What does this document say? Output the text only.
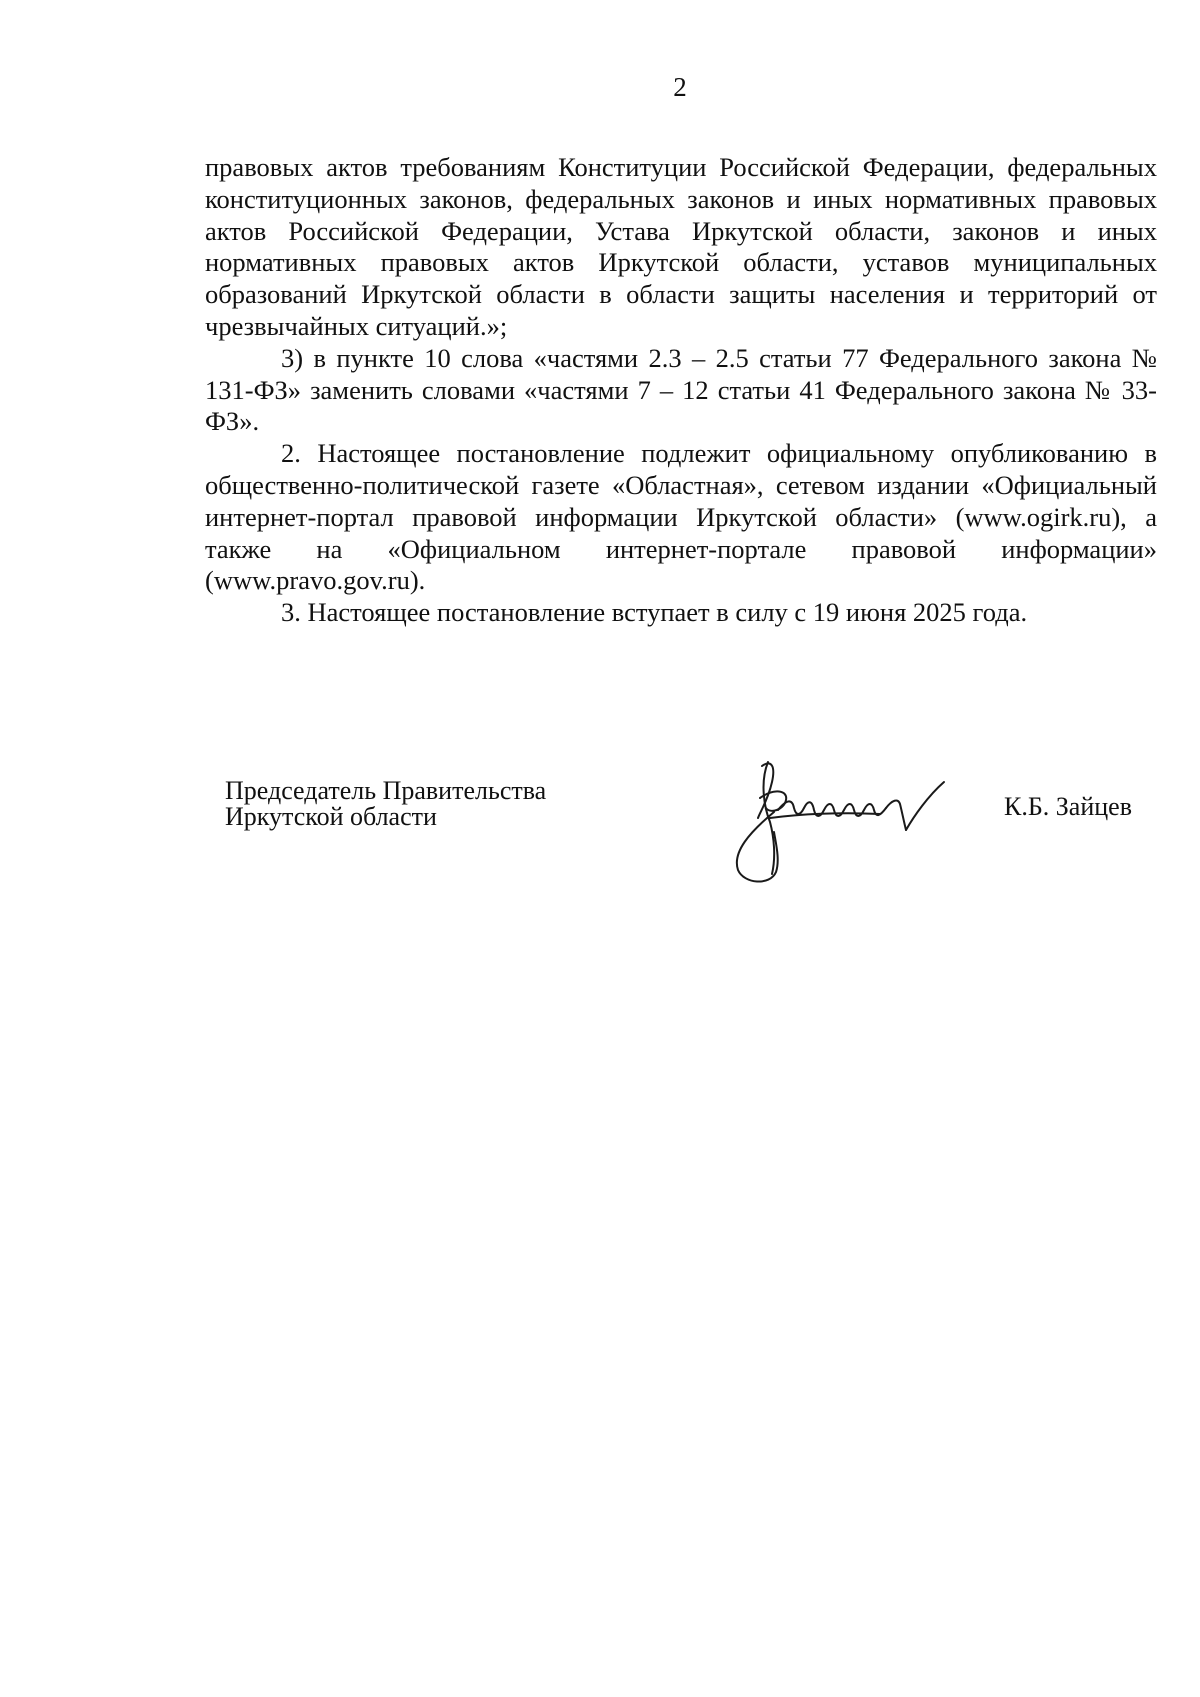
2

правовых актов требованиям Конституции Российской Федерации, федеральных конституционных законов, федеральных законов и иных нормативных правовых актов Российской Федерации, Устава Иркутской области, законов и иных нормативных правовых актов Иркутской области, уставов муниципальных образований Иркутской области в области защиты населения и территорий от чрезвычайных ситуаций.»;

3) в пункте 10 слова «частями 2.3 – 2.5 статьи 77 Федерального закона № 131-ФЗ» заменить словами «частями 7 – 12 статьи 41 Федерального закона № 33-ФЗ».

2. Настоящее постановление подлежит официальному опубликованию в общественно-политической газете «Областная», сетевом издании «Официальный интернет-портал правовой информации Иркутской области» (www.ogirk.ru), а также на «Официальном интернет-портале правовой информации» (www.pravo.gov.ru).

3. Настоящее постановление вступает в силу с 19 июня 2025 года.

Председатель Правительства
Иркутской области	К.Б. Зайцев
